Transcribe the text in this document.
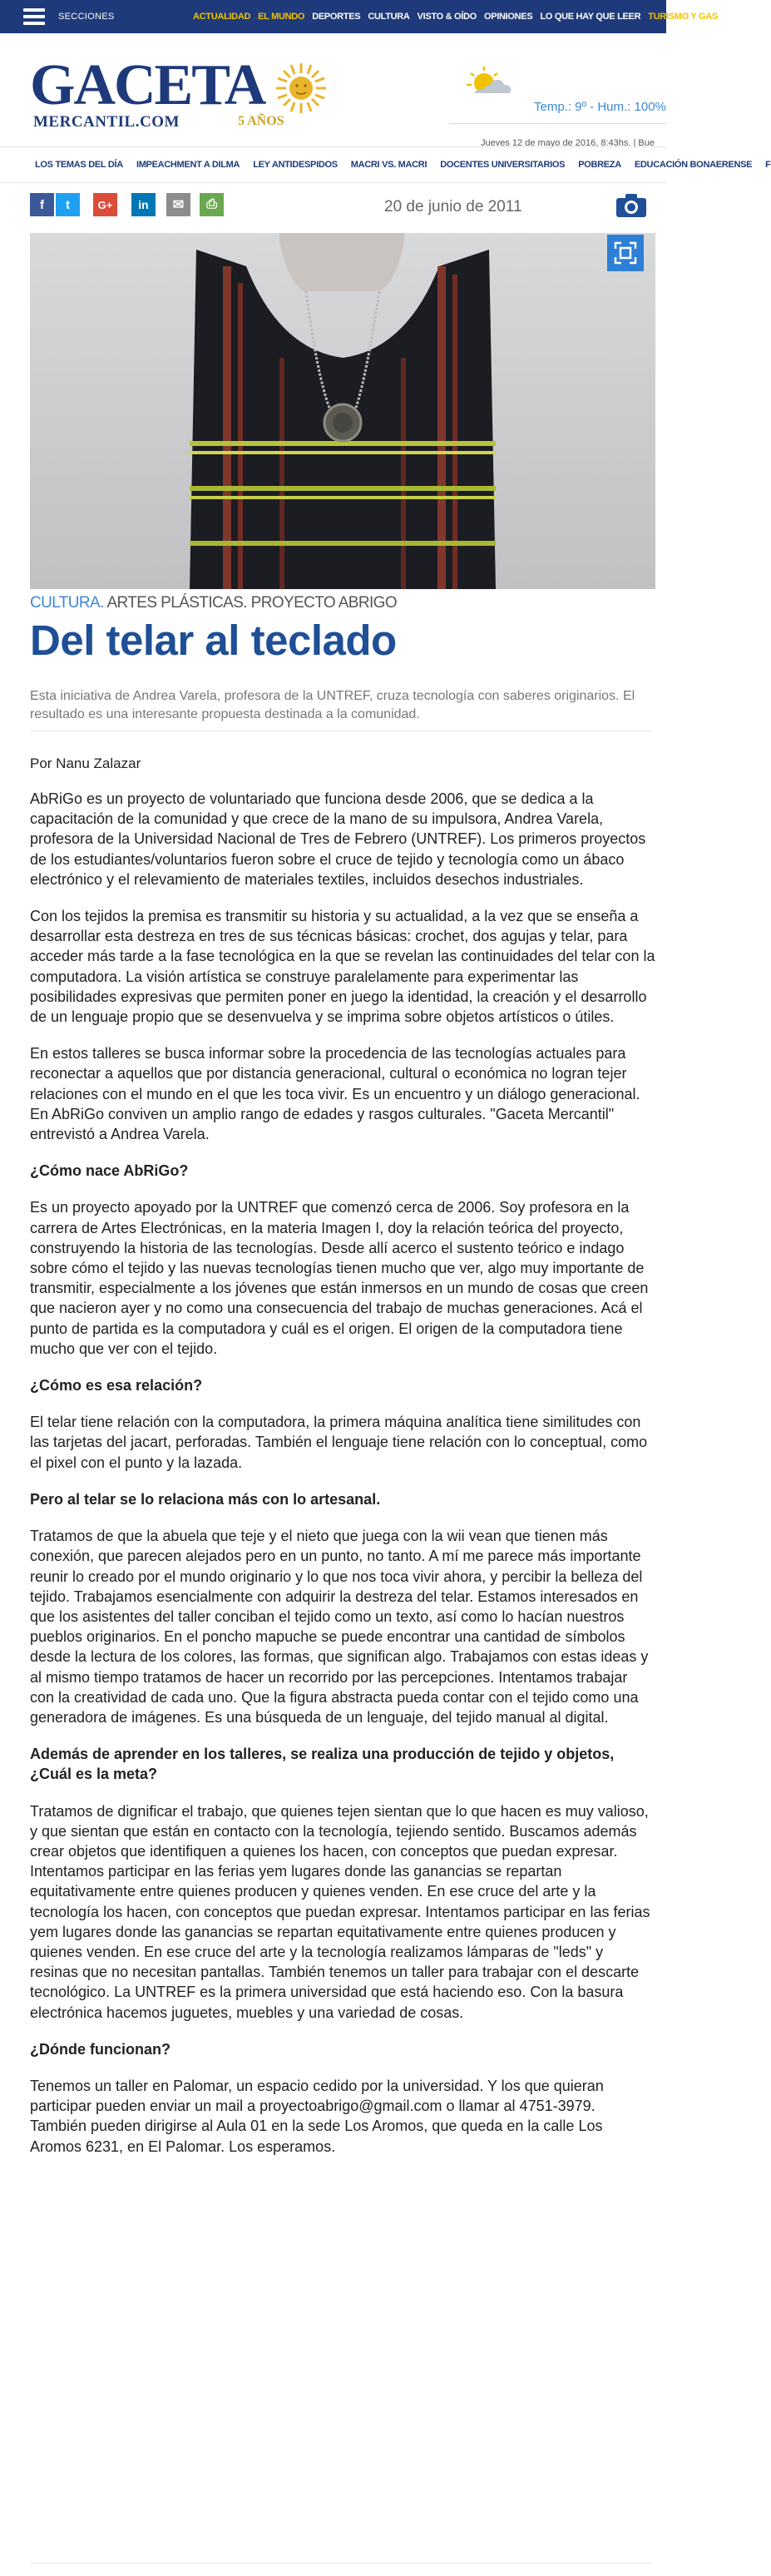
SECCIONES	ACTUALIDAD EL MUNDO DEPORTES CULTURA VISTO & OÍDO OPINIONES LO QUE HAY QUE LEER TURISMO Y GAS
GACETA
MERCANTIL.COM	5 AÑOS
Temp.: 9º - Hum.: 100%
Jueves 12 de mayo de 2016, 8:43hs. | Bue
LOS TEMAS DEL DÍA IMPEACHMENT A DILMA LEY ANTIDESPIDOS MACRI VS. MACRI DOCENTES UNIVERSITARIOS POBREZA EDUCACIÓN BONAERENSE F
f t	G+ in ✉ ⎙	20 de junio de 2011
CULTURA. ARTES PLÁSTICAS. PROYECTO ABRIGO
Del telar al teclado
Esta iniciativa de Andrea Varela, profesora de la UNTREF, cruza tecnología con saberes originarios. El resultado es una interesante propuesta destinada a la comunidad.
Por Nanu Zalazar

AbRiGo es un proyecto de voluntariado que funciona desde 2006, que se dedica a la capacitación de la comunidad y que crece de la mano de su impulsora, Andrea Varela, profesora de la Universidad Nacional de Tres de Febrero (UNTREF). Los primeros proyectos de los estudiantes/voluntarios fueron sobre el cruce de tejido y tecnología como un ábaco electrónico y el relevamiento de materiales textiles, incluidos desechos industriales.

Con los tejidos la premisa es transmitir su historia y su actualidad, a la vez que se enseña a desarrollar esta destreza en tres de sus técnicas básicas: crochet, dos agujas y telar, para acceder más tarde a la fase tecnológica en la que se revelan las continuidades del telar con la computadora. La visión artística se construye paralelamente para experimentar las posibilidades expresivas que permiten poner en juego la identidad, la creación y el desarrollo de un lenguaje propio que se desenvuelva y se imprima sobre objetos artísticos o útiles.

En estos talleres se busca informar sobre la procedencia de las tecnologías actuales para reconectar a aquellos que por distancia generacional, cultural o económica no logran tejer relaciones con el mundo en el que les toca vivir. Es un encuentro y un diálogo generacional. En AbRiGo conviven un amplio rango de edades y rasgos culturales. "Gaceta Mercantil" entrevistó a Andrea Varela.

¿Cómo nace AbRiGo?

Es un proyecto apoyado por la UNTREF que comenzó cerca de 2006. Soy profesora en la carrera de Artes Electrónicas, en la materia Imagen I, doy la relación teórica del proyecto, construyendo la historia de las tecnologías. Desde allí acerco el sustento teórico e indago sobre cómo el tejido y las nuevas tecnologías tienen mucho que ver, algo muy importante de transmitir, especialmente a los jóvenes que están inmersos en un mundo de cosas que creen que nacieron ayer y no como una consecuencia del trabajo de muchas generaciones. Acá el punto de partida es la computadora y cuál es el origen. El origen de la computadora tiene mucho que ver con el tejido.

¿Cómo es esa relación?

El telar tiene relación con la computadora, la primera máquina analítica tiene similitudes con las tarjetas del jacart, perforadas. También el lenguaje tiene relación con lo conceptual, como el pixel con el punto y la lazada.

Pero al telar se lo relaciona más con lo artesanal.

Tratamos de que la abuela que teje y el nieto que juega con la wii vean que tienen más conexión, que parecen alejados pero en un punto, no tanto. A mí me parece más importante reunir lo creado por el mundo originario y lo que nos toca vivir ahora, y percibir la belleza del tejido. Trabajamos esencialmente con adquirir la destreza del telar. Estamos interesados en que los asistentes del taller conciban el tejido como un texto, así como lo hacían nuestros pueblos originarios. En el poncho mapuche se puede encontrar una cantidad de símbolos desde la lectura de los colores, las formas, que significan algo. Trabajamos con estas ideas y al mismo tiempo tratamos de hacer un recorrido por las percepciones. Intentamos trabajar con la creatividad de cada uno. Que la figura abstracta pueda contar con el tejido como una generadora de imágenes. Es una búsqueda de un lenguaje, del tejido manual al digital.

Además de aprender en los talleres, se realiza una producción de tejido y objetos, ¿Cuál es la meta?

Tratamos de dignificar el trabajo, que quienes tejen sientan que lo que hacen es muy valioso, y que sientan que están en contacto con la tecnología, tejiendo sentido. Buscamos además crear objetos que identifiquen a quienes los hacen, con conceptos que puedan expresar. Intentamos participar en las ferias yem lugares donde las ganancias se repartan equitativamente entre quienes producen y quienes venden. En ese cruce del arte y la tecnología los hacen, con conceptos que puedan expresar. Intentamos participar en las ferias yem lugares donde las ganancias se repartan equitativamente entre quienes producen y quienes venden. En ese cruce del arte y la tecnología realizamos lámparas de "leds" y resinas que no necesitan pantallas. También tenemos un taller para trabajar con el descarte tecnológico. La UNTREF es la primera universidad que está haciendo eso. Con la basura electrónica hacemos juguetes, muebles y una variedad de cosas.

¿Dónde funcionan?

Tenemos un taller en Palomar, un espacio cedido por la universidad. Y los que quieran participar pueden enviar un mail a proyectoabrigo@gmail.com o llamar al 4751-3979. También pueden dirigirse al Aula 01 en la sede Los Aromos, que queda en la calle Los Aromos 6231, en El Palomar. Los esperamos.
